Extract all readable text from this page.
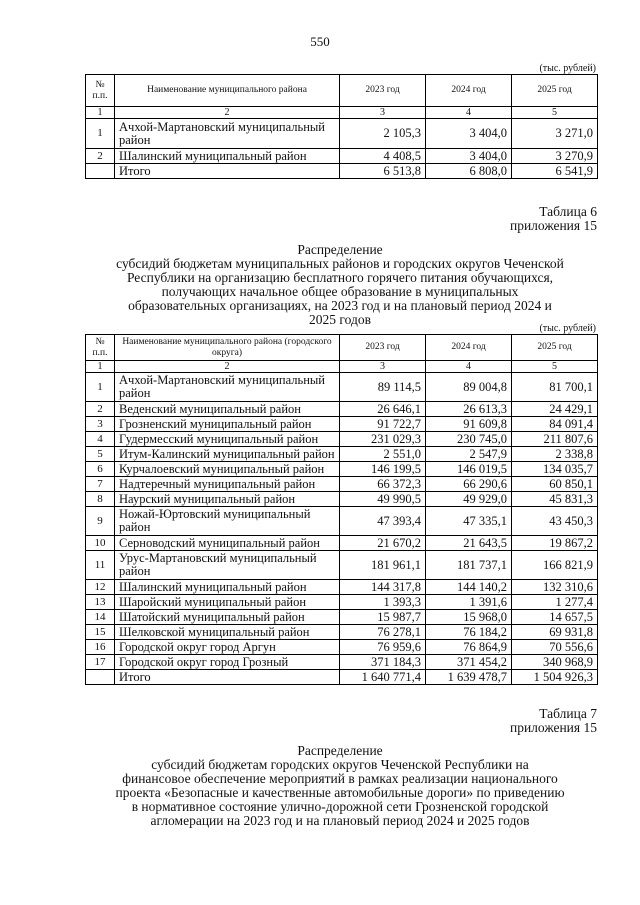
550
(тыс. рублей)
№ п.п.	Наименование муниципального района	2023 год	2024 год	2025 год
1	2	3	4	5
1	Ачхой-Мартановский муниципальный район	2 105,3	3 404,0	3 271,0
2	Шалинский муниципальный район	4 408,5	3 404,0	3 270,9
	Итого	6 513,8	6 808,0	6 541,9
Таблица 6
приложения 15
Распределение
субсидий бюджетам муниципальных районов и городских округов Чеченской
Республики на организацию бесплатного горячего питания обучающихся,
получающих начальное общее образование в муниципальных
образовательных организациях, на 2023 год и на плановый период 2024 и
2025 годов
(тыс. рублей)
№ п.п.	Наименование муниципального района (городского округа)	2023 год	2024 год	2025 год
1	2	3	4	5
1	Ачхой-Мартановский муниципальный район	89 114,5	89 004,8	81 700,1
2	Веденский муниципальный район	26 646,1	26 613,3	24 429,1
3	Грозненский муниципальный район	91 722,7	91 609,8	84 091,4
4	Гудермесский муниципальный район	231 029,3	230 745,0	211 807,6
5	Итум-Калинский муниципальный район	2 551,0	2 547,9	2 338,8
6	Курчалоевский муниципальный район	146 199,5	146 019,5	134 035,7
7	Надтеречный муниципальный район	66 372,3	66 290,6	60 850,1
8	Наурский муниципальный район	49 990,5	49 929,0	45 831,3
9	Ножай-Юртовский муниципальный район	47 393,4	47 335,1	43 450,3
10	Серноводский муниципальный район	21 670,2	21 643,5	19 867,2
11	Урус-Мартановский муниципальный район	181 961,1	181 737,1	166 821,9
12	Шалинский муниципальный район	144 317,8	144 140,2	132 310,6
13	Шаройский муниципальный район	1 393,3	1 391,6	1 277,4
14	Шатойский муниципальный район	15 987,7	15 968,0	14 657,5
15	Шелковской муниципальный район	76 278,1	76 184,2	69 931,8
16	Городской округ город Аргун	76 959,6	76 864,9	70 556,6
17	Городской округ город Грозный	371 184,3	371 454,2	340 968,9
	Итого	1 640 771,4	1 639 478,7	1 504 926,3
Таблица 7
приложения 15
Распределение
субсидий бюджетам городских округов Чеченской Республики на
финансовое обеспечение мероприятий в рамках реализации национального
проекта «Безопасные и качественные автомобильные дороги» по приведению
в нормативное состояние улично-дорожной сети Грозненской городской
агломерации на 2023 год и на плановый период 2024 и 2025 годов
